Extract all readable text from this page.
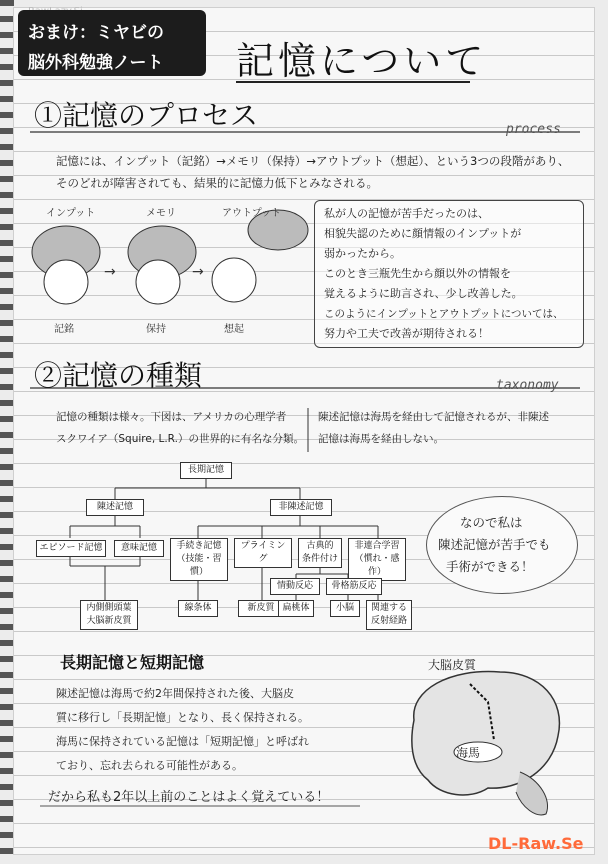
おまけ：ミヤビの
脳外科勉強ノート 記憶について
→	→
①記憶のプロセス	process
記憶には、インプット（記銘）→メモリ（保持）→アウトプット（想起）、という3つの段階があり、
そのどれが障害されても、結果的に記憶力低下とみなされる。
インプット	メモリ	アウトプット
記銘	保持	想起
私が人の記憶が苦手だったのは、
相貌失認のために顔情報のインプットが
弱かったから。
このとき三瓶先生から顔以外の情報を
覚えるように助言され、少し改善した。
このようにインプットとアウトプットについては、
努力や工夫で改善が期待される！
②記憶の種類	taxonomy
記憶の種類は様々。下図は、アメリカの心理学者
スクワイア（Squire, L.R.）の世界的に有名な分類。
陳述記憶は海馬を経由して記憶されるが、非陳述
記憶は海馬を経由しない。
長期記憶
陳述記憶	非陳述記憶
エピソード記憶	意味記憶	手続き記憶
（技能・習慣）
プライミング
古典的
条件付け
非連合学習
（慣れ・感作）
情動反応	骨格筋反応
内側側頭葉
大脳新皮質
線条体	新皮質 扁桃体	小脳	関連する
反射経路
なので私は
陳述記憶が苦手でも
手術ができる！
長期記憶と短期記憶
陳述記憶は海馬で約2年間保持された後、大脳皮
質に移行し「長期記憶」となり、長く保持される。
海馬に保持されている記憶は「短期記憶」と呼ばれ
ており、忘れ去られる可能性がある。
大脳皮質
海馬
だから私も2年以上前のことはよく覚えている！
DL-Raw.Se
